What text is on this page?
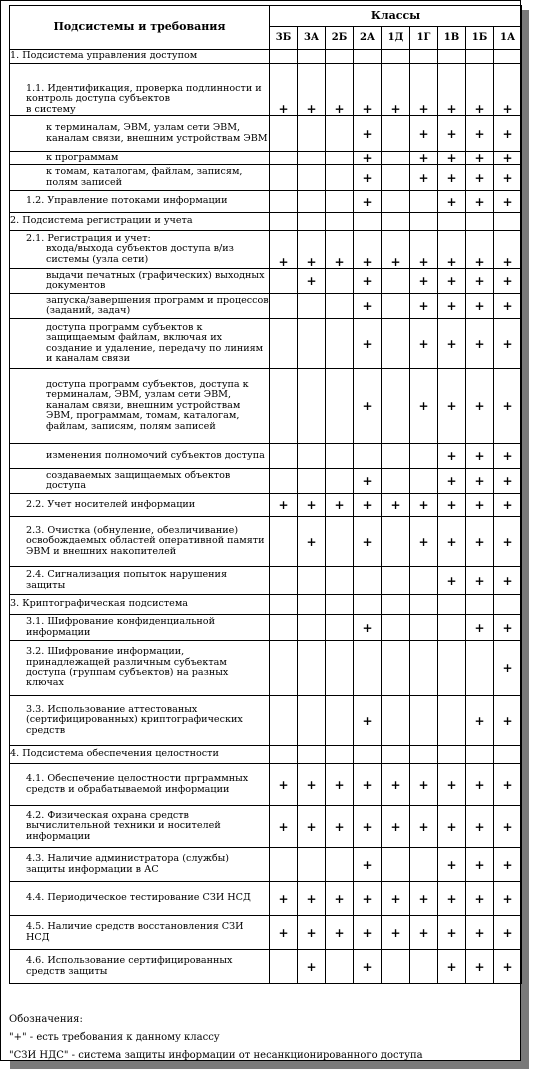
Подсистемы и требования	Классы								
	3Б	3А	2Б	2А	1Д	1Г	1В	1Б	1А

1. Подсистема управления доступом									

1.1. Идентификация, проверка подлинности и контроль доступа субъектов
в систему	+	+	+	+	+	+	+	+	+

к терминалам, ЭВМ, узлам сети ЭВМ, каналам связи, внешним устройствам ЭВМ				+		+	+	+	+

к программам				+		+	+	+	+

к томам, каталогам, файлам, записям, полям записей				+		+	+	+	+

1.2. Управление потоками информации				+			+	+	+

2. Подсистема регистрации и учета									

2.1. Регистрация и учет:
входа/выхода субъектов доступа в/из системы (узла сети)	+	+	+	+	+	+	+	+	+

выдачи печатных (графических) выходных документов		+		+		+	+	+	+

запуска/завершения программ и процессов (заданий, задач)				+		+	+	+	+

доступа программ субъектов к защищаемым файлам, включая их создание и удаление, передачу по линиям и каналам связи				+		+	+	+	+

доступа программ субъектов, доступа к терминалам, ЭВМ, узлам сети ЭВМ, каналам связи, внешним устройствам ЭВМ, программам, томам, каталогам, файлам, записям, полям записей				+		+	+	+	+

изменения полномочий субъектов доступа							+	+	+

создаваемых защищаемых объектов доступа				+			+	+	+

2.2. Учет носителей информации	+	+	+	+	+	+	+	+	+

2.3. Очистка (обнуление, обезличивание) освобождаемых областей оперативной памяти ЭВМ и внешних накопителей		+		+		+	+	+	+

2.4. Сигнализация попыток нарушения защиты							+	+	+

3. Криптографическая подсистема									

3.1. Шифрование конфиденциальной информации				+				+	+

3.2. Шифрование информации, принадлежащей различным субъектам доступа (группам субъектов) на разных ключах									+

3.3. Использование аттестованых (сертифицированных) криптографических средств				+				+	+

4. Подсистема обеспечения целостности									

4.1. Обеспечение целостности пргрaммных средств и обрабатываемой информации	+	+	+	+	+	+	+	+	+

4.2. Физическая охрана средств вычислительной техники и носителей информации	+	+	+	+	+	+	+	+	+

4.3. Наличие администратора (службы) защиты информации в АС				+			+	+	+

4.4. Периодическое тестирование СЗИ НСД	+	+	+	+	+	+	+	+	+

4.5. Наличие средств восстановления СЗИ НСД	+	+	+	+	+	+	+	+	+

4.6. Использование сертифицированных средств защиты		+		+			+	+	+
Обозначения:
"+" - есть требования к данному классу
"СЗИ НДС" - система защиты информации от несанкционированного доступа
